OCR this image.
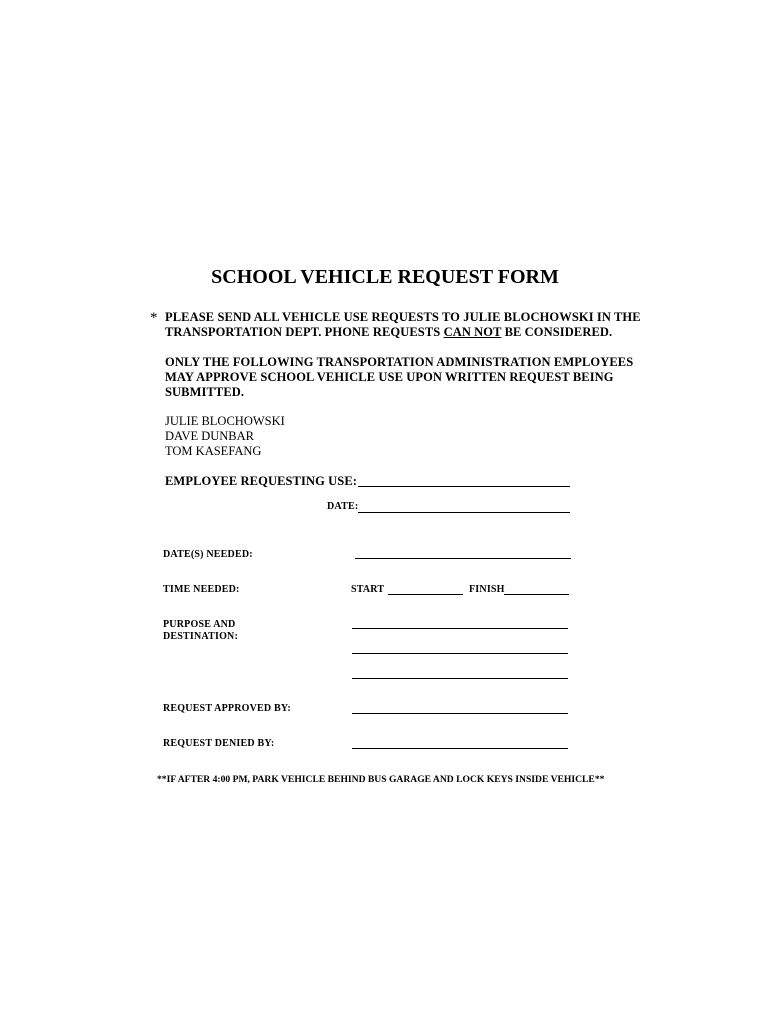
SCHOOL VEHICLE REQUEST FORM
* PLEASE SEND ALL VEHICLE USE REQUESTS TO JULIE BLOCHOWSKI IN THE
TRANSPORTATION DEPT. PHONE REQUESTS CAN NOT BE CONSIDERED.
ONLY THE FOLLOWING TRANSPORTATION ADMINISTRATION EMPLOYEES
MAY APPROVE SCHOOL VEHICLE USE UPON WRITTEN REQUEST BEING
SUBMITTED.
JULIE BLOCHOWSKI
DAVE DUNBAR
TOM KASEFANG
EMPLOYEE REQUESTING USE:
DATE:
DATE(S) NEEDED:
TIME NEEDED:	START	FINISH
PURPOSE AND
DESTINATION:
REQUEST APPROVED BY:
REQUEST DENIED BY:
**IF AFTER 4:00 PM, PARK VEHICLE BEHIND BUS GARAGE AND LOCK KEYS INSIDE VEHICLE**
